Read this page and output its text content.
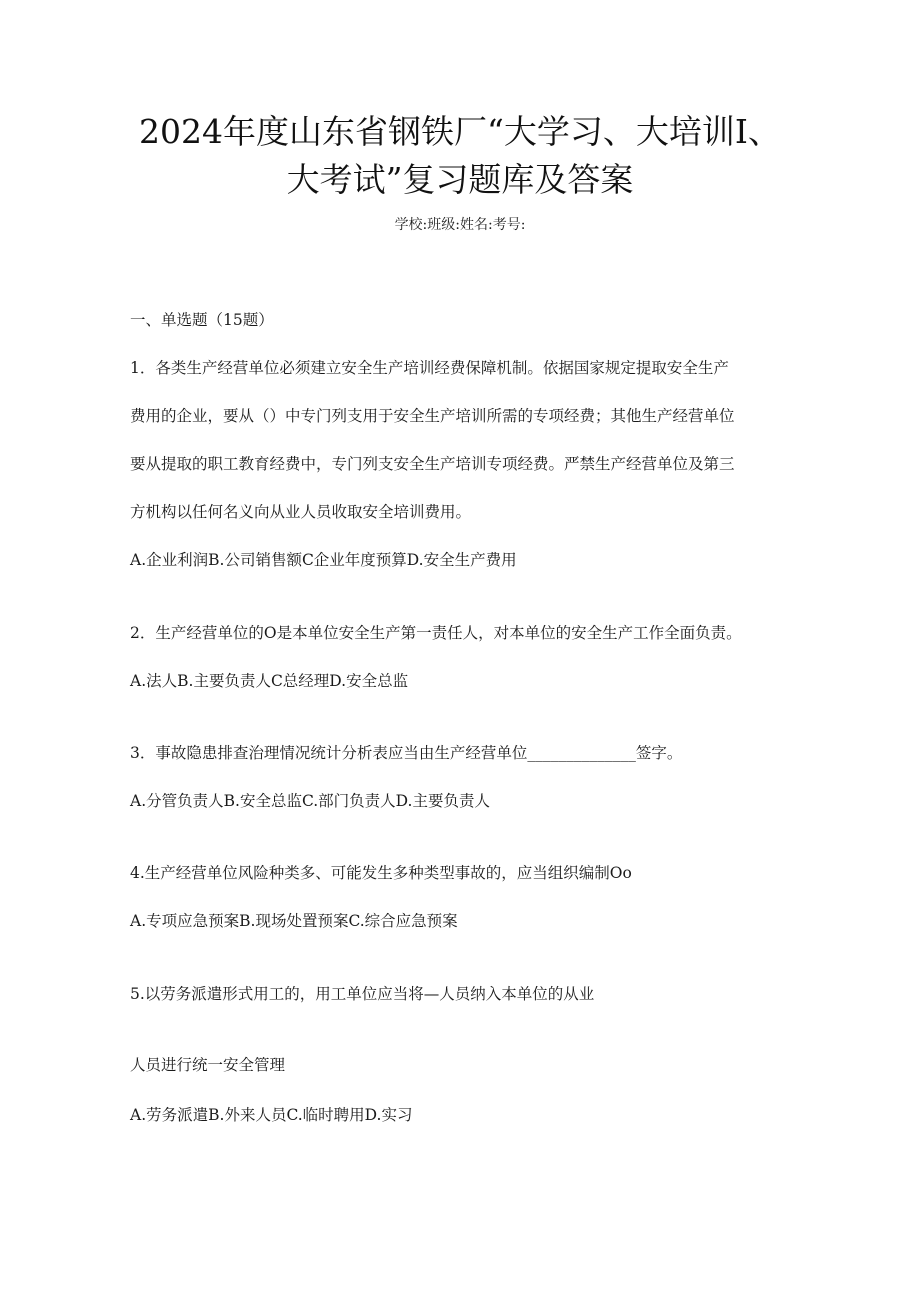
2024年度山东省钢铁厂“大学习、大培训I、
大考试”复习题库及答案
学校:班级:姓名:考号:
一、单选题（15题）
1．各类生产经营单位必须建立安全生产培训经费保障机制。依据国家规定提取安全生产
费用的企业，要从（）中专门列支用于安全生产培训所需的专项经费；其他生产经营单位
要从提取的职工教育经费中，专门列支安全生产培训专项经费。严禁生产经营单位及第三
方机构以任何名义向从业人员收取安全培训费用。
A.企业利润B.公司销售额C企业年度预算D.安全生产费用
2．生产经营单位的O是本单位安全生产第一责任人，对本单位的安全生产工作全面负责。
A.法人B.主要负责人C总经理D.安全总监
3．事故隐患排查治理情况统计分析表应当由生产经营单位______________签字。
A.分管负责人B.安全总监C.部门负责人D.主要负责人
4.生产经营单位风险种类多、可能发生多种类型事故的，应当组织编制Oo
A.专项应急预案B.现场处置预案C.综合应急预案
5.以劳务派遣形式用工的，用工单位应当将—人员纳入本单位的从业
人员进行统一安全管理
A.劳务派遣B.外来人员C.临时聘用D.实习
